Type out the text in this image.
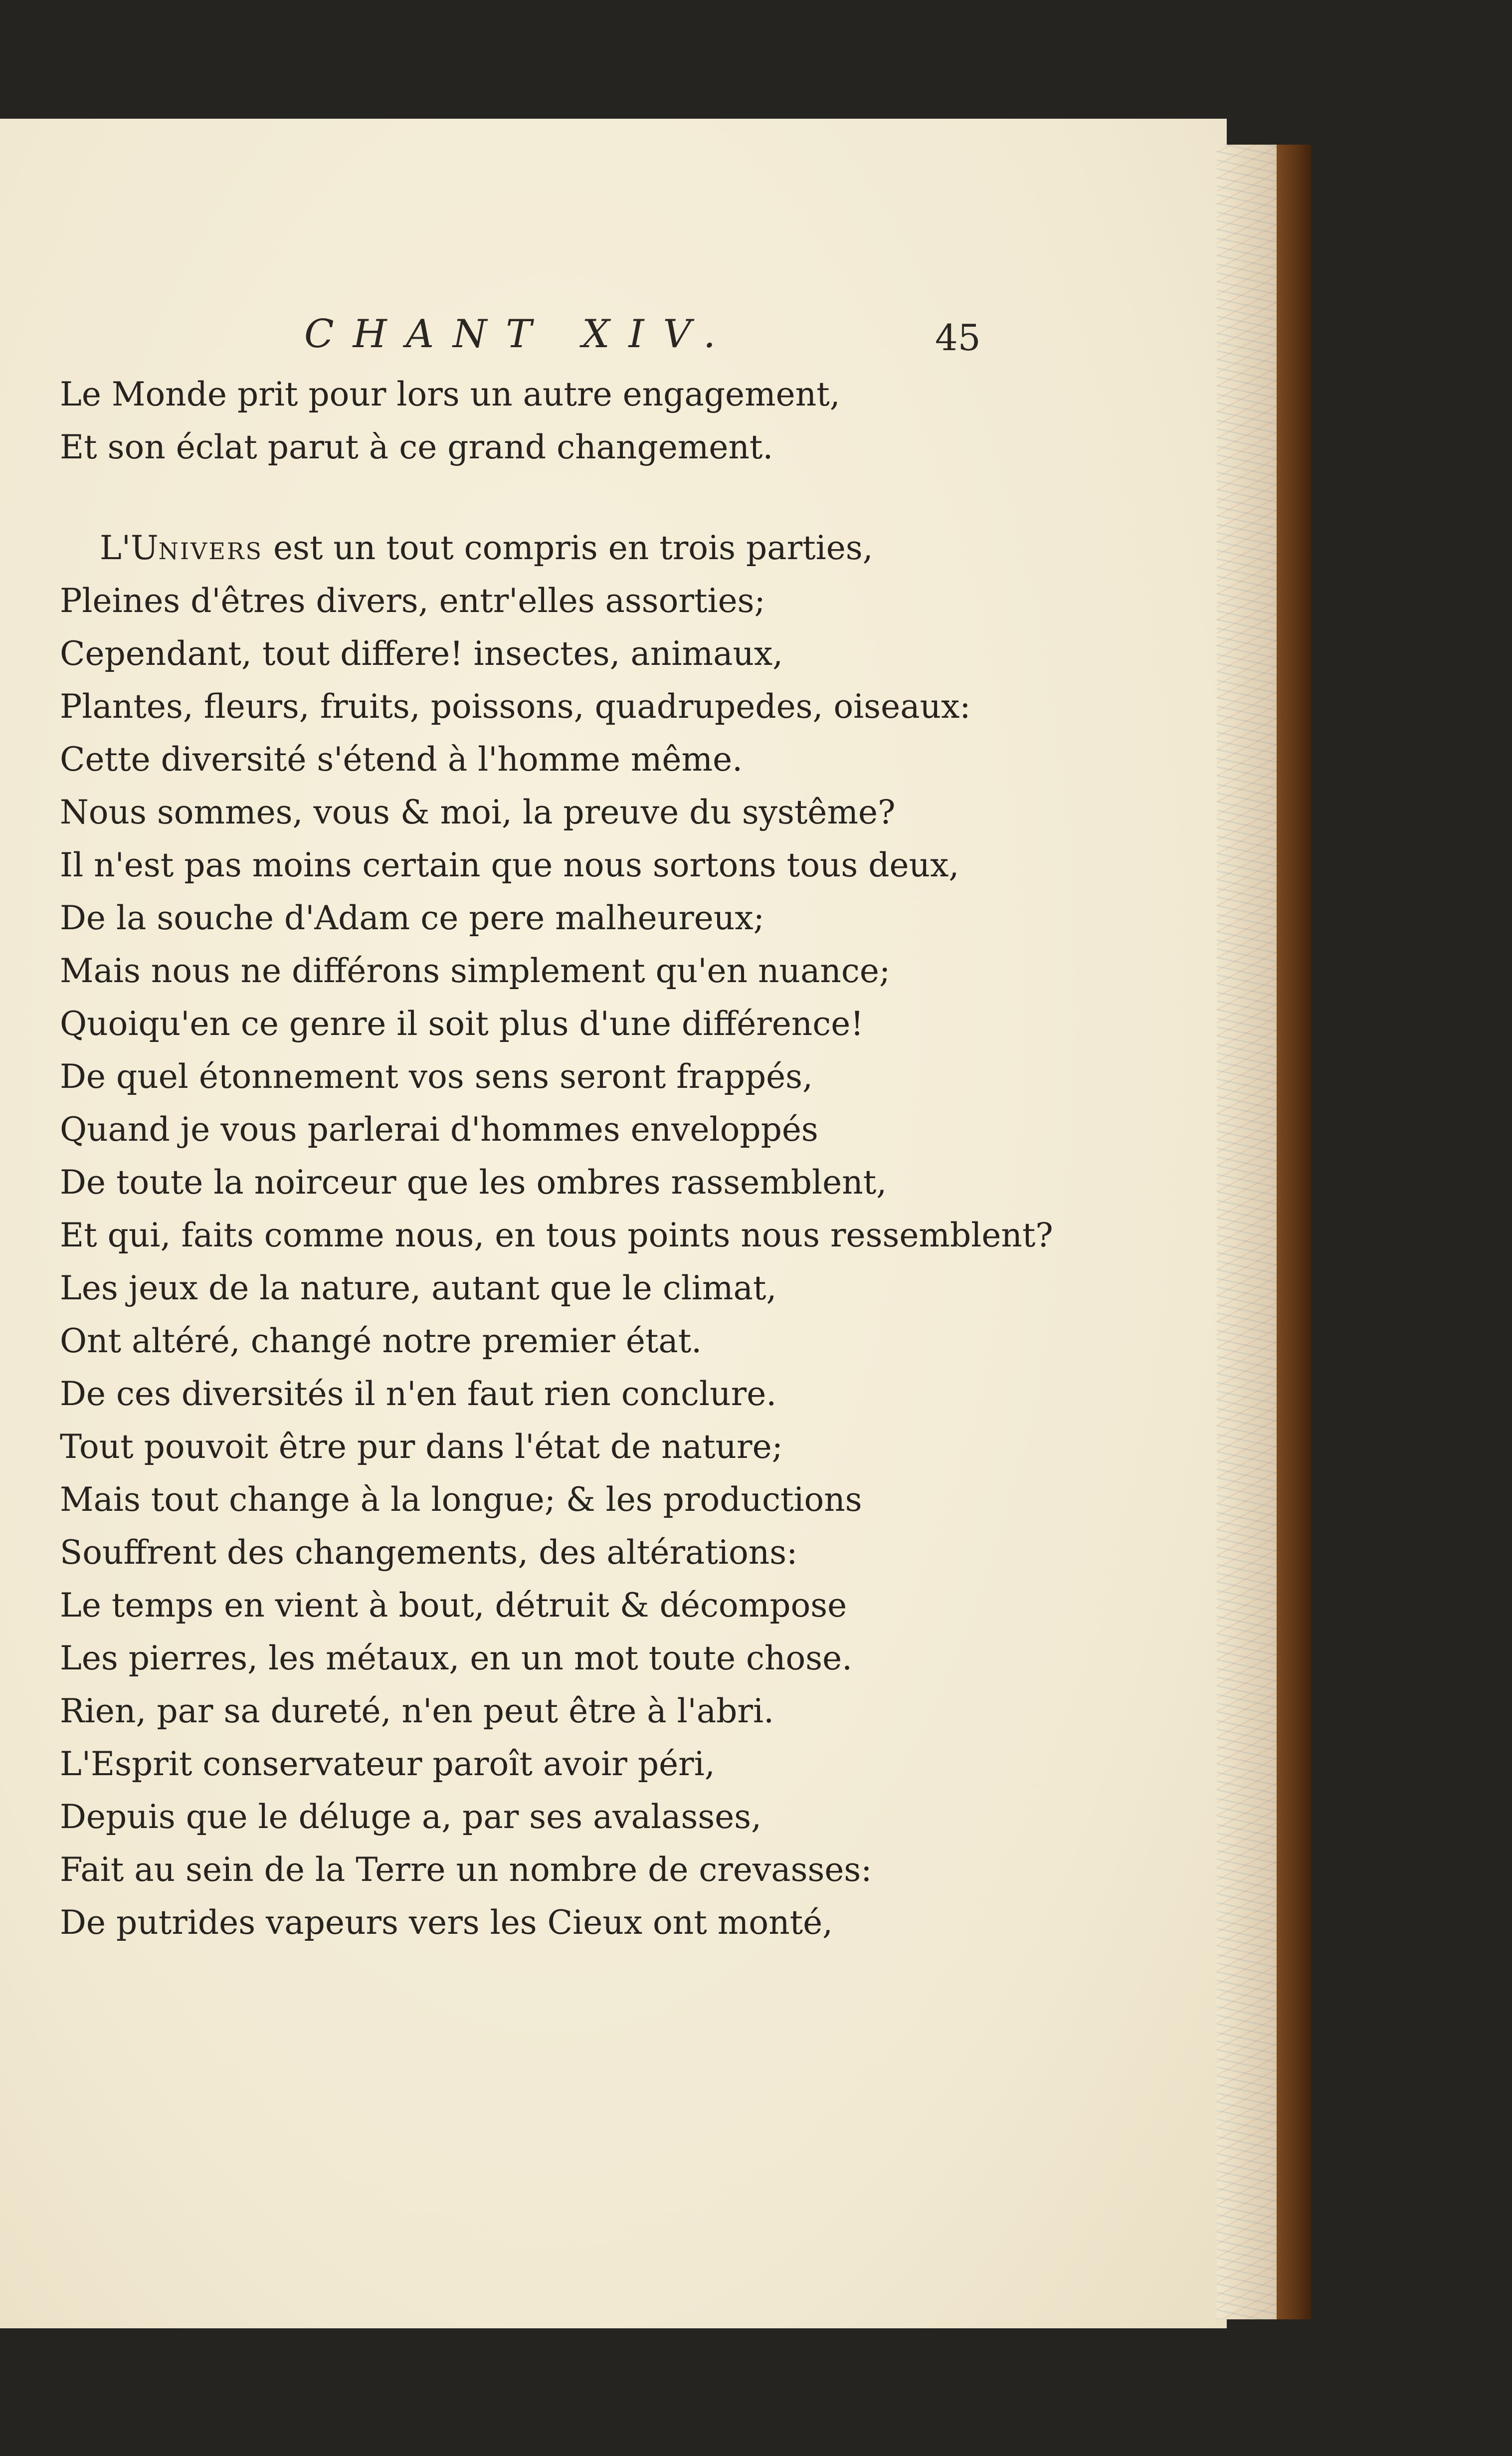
CHANT XIV.	45
Le Monde prit pour lors un autre engagement,
Et son éclat parut à ce grand changement.
L'Univers est un tout compris en trois parties,
Pleines d'êtres divers, entr'elles assorties;
Cependant, tout differe! insectes, animaux,
Plantes, fleurs, fruits, poissons, quadrupedes, oiseaux:
Cette diversité s'étend à l'homme même.
Nous sommes, vous & moi, la preuve du systême?
Il n'est pas moins certain que nous sortons tous deux,
De la souche d'Adam ce pere malheureux;
Mais nous ne différons simplement qu'en nuance;
Quoiqu'en ce genre il soit plus d'une différence!
De quel étonnement vos sens seront frappés,
Quand je vous parlerai d'hommes enveloppés
De toute la noirceur que les ombres rassemblent,
Et qui, faits comme nous, en tous points nous ressemblent?
Les jeux de la nature, autant que le climat,
Ont altéré, changé notre premier état.
De ces diversités il n'en faut rien conclure.
Tout pouvoit être pur dans l'état de nature;
Mais tout change à la longue; & les productions
Souffrent des changements, des altérations:
Le temps en vient à bout, détruit & décompose
Les pierres, les métaux, en un mot toute chose.
Rien, par sa dureté, n'en peut être à l'abri.
L'Esprit conservateur paroît avoir péri,
Depuis que le déluge a, par ses avalasses,
Fait au sein de la Terre un nombre de crevasses:
De putrides vapeurs vers les Cieux ont monté,
